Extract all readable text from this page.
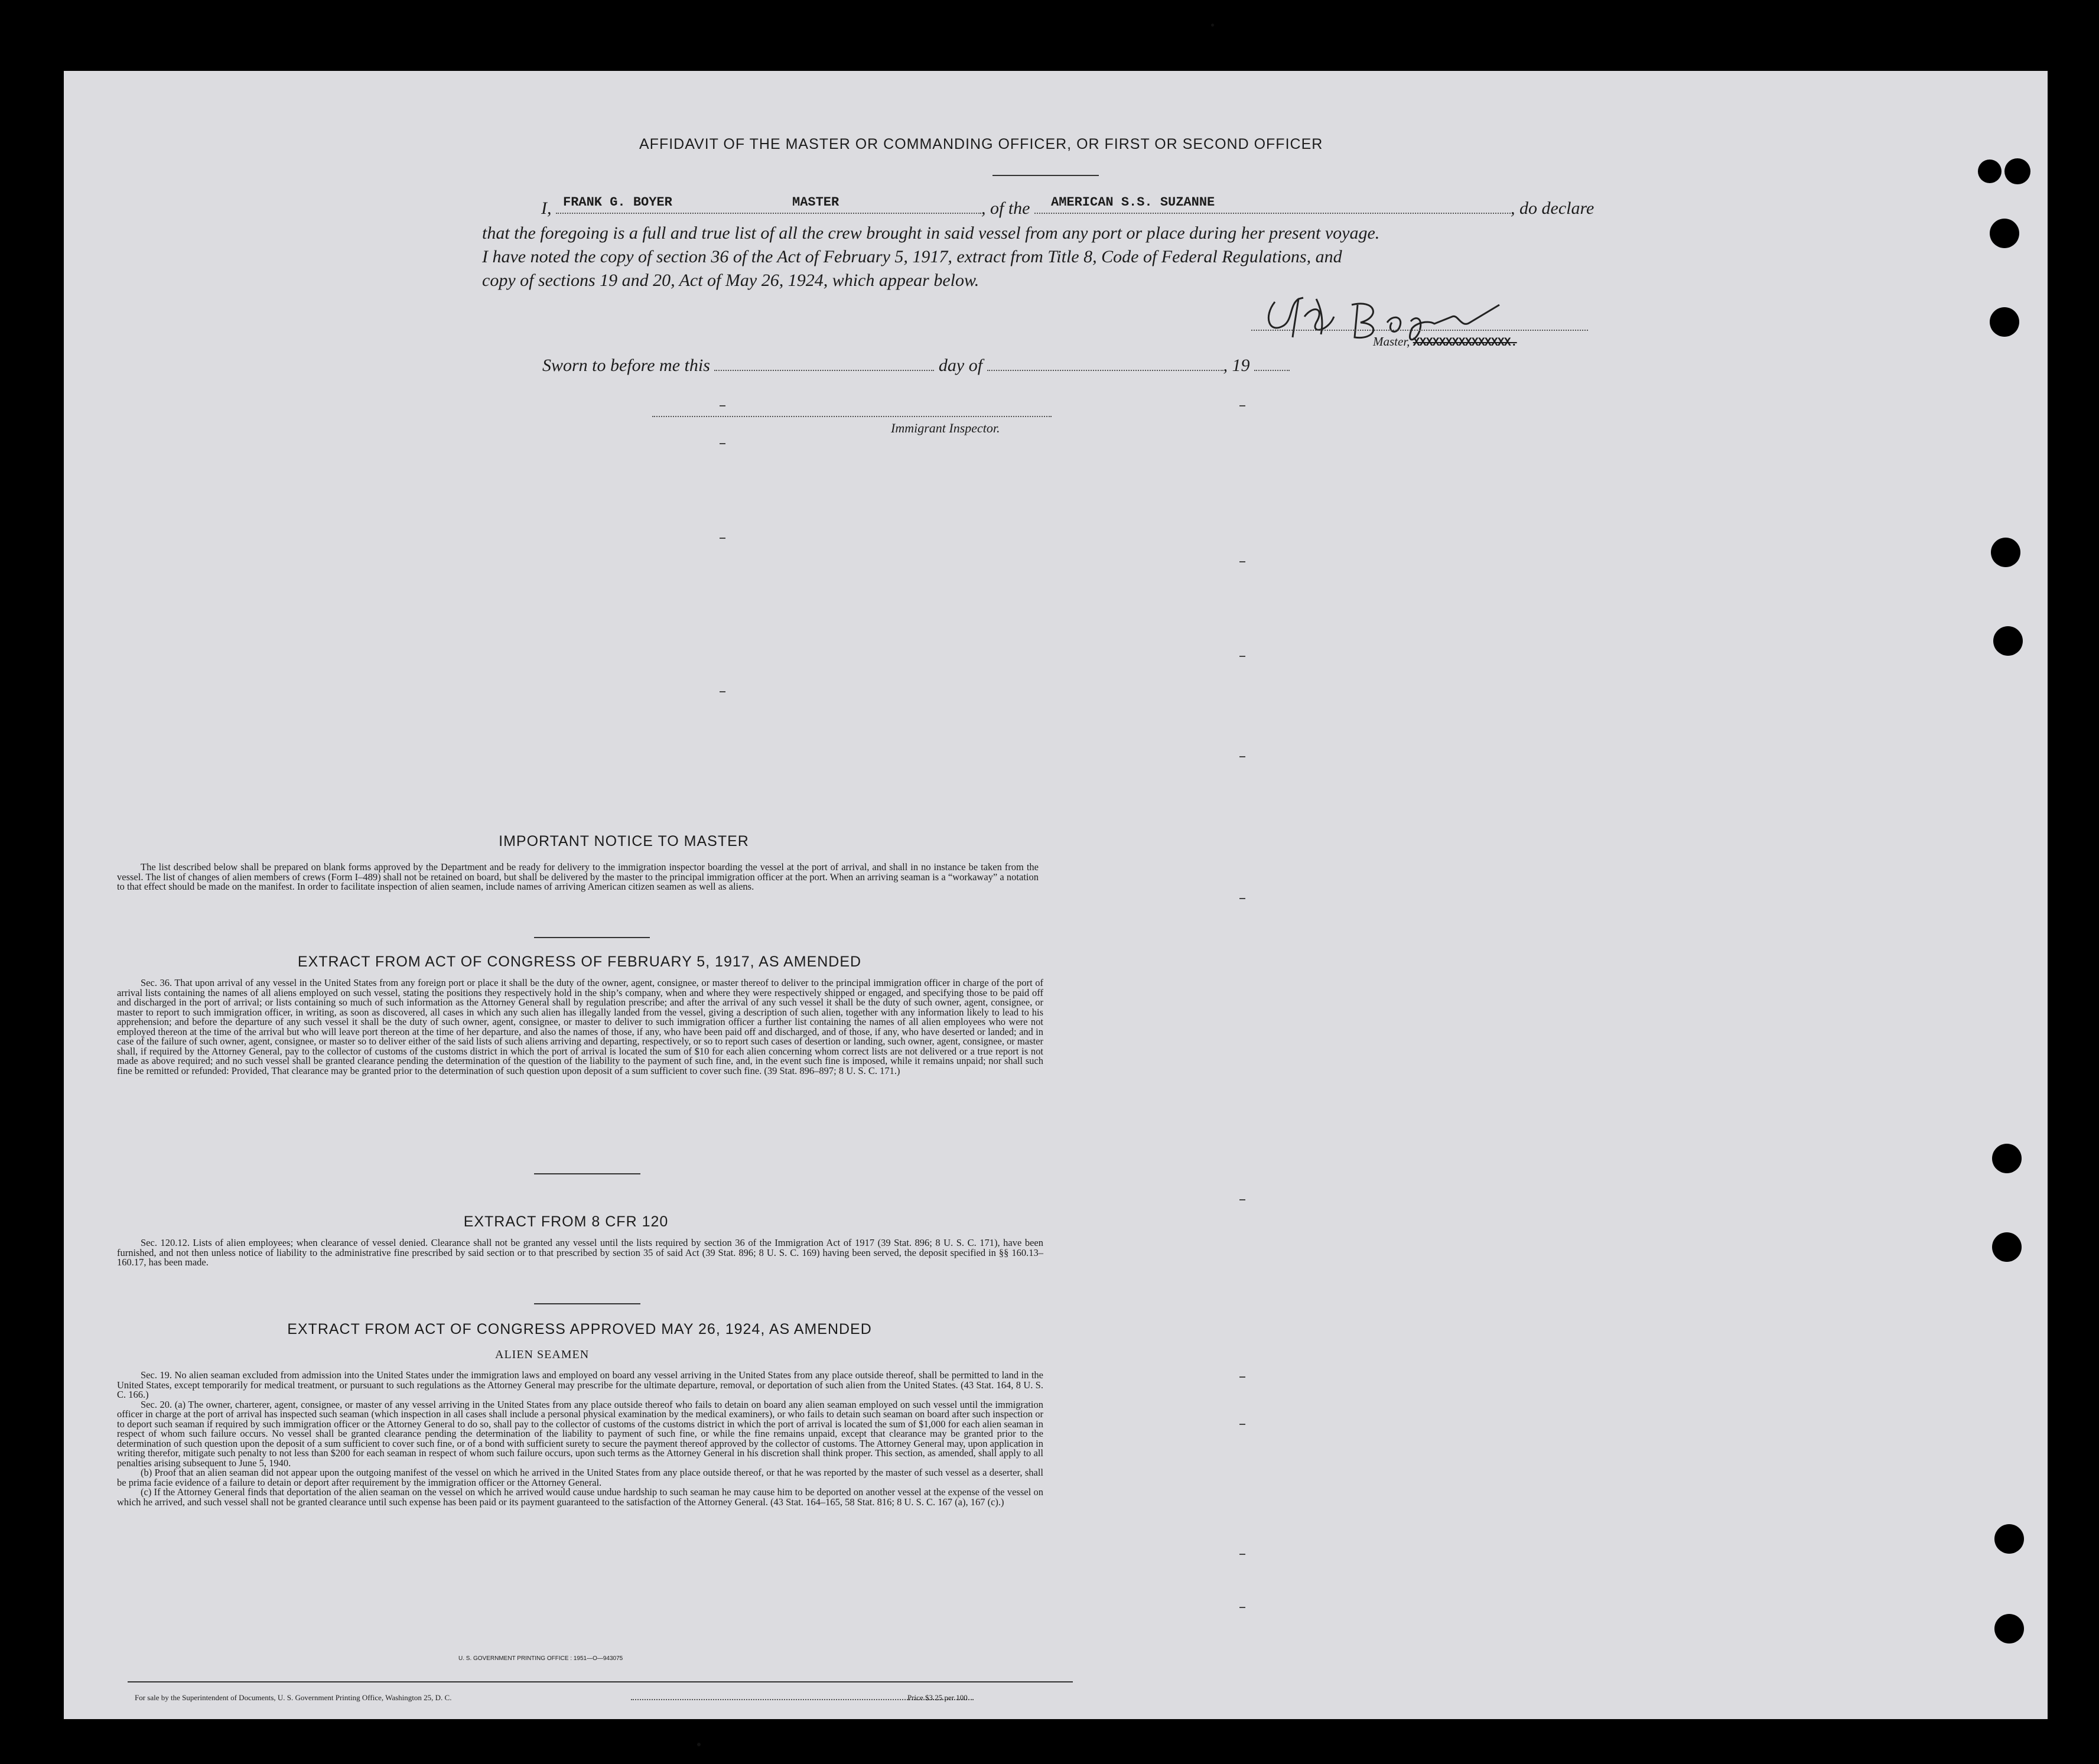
AFFIDAVIT OF THE MASTER OR COMMANDING OFFICER, OR FIRST OR SECOND OFFICER
I, FRANK G. BOYER	MASTER	, of the AMERICAN S.S. SUZANNE	, do declare
that the foregoing is a full and true list of all the crew brought in said vessel from any port or place during her present voyage.
I have noted the copy of section 36 of the Act of February 5, 1917, extract from Title 8, Code of Federal Regulations, and
copy of sections 19 and 20, Act of May 26, 1924, which appear below.
Master, XXXXXXXXXXXXXXX.
Sworn to before me this	day of	, 19
Immigrant Inspector.
IMPORTANT NOTICE TO MASTER

The list described below shall be prepared on blank forms approved by the Department and be ready for delivery to the immigration inspector boarding the vessel at the port of arrival, and shall in no instance be taken from the vessel. The list of changes of alien members of crews (Form I–489) shall not be retained on board, but shall be delivered by the master to the principal immigration officer at the port. When an arriving seaman is a “workaway” a notation to that effect should be made on the manifest. In order to facilitate inspection of alien seamen, include names of arriving American citizen seamen as well as aliens.

EXTRACT FROM ACT OF CONGRESS OF FEBRUARY 5, 1917, AS AMENDED

Sec. 36. That upon arrival of any vessel in the United States from any foreign port or place it shall be the duty of the owner, agent, consignee, or master thereof to deliver to the principal immigration officer in charge of the port of arrival lists containing the names of all aliens employed on such vessel, stating the positions they respectively hold in the ship’s company, when and where they were respectively shipped or engaged, and specifying those to be paid off and discharged in the port of arrival; or lists containing so much of such information as the Attorney General shall by regulation prescribe; and after the arrival of any such vessel it shall be the duty of such owner, agent, consignee, or master to report to such immigration officer, in writing, as soon as discovered, all cases in which any such alien has illegally landed from the vessel, giving a description of such alien, together with any information likely to lead to his apprehension; and before the departure of any such vessel it shall be the duty of such owner, agent, consignee, or master to deliver to such immigration officer a further list containing the names of all alien employees who were not employed thereon at the time of the arrival but who will leave port thereon at the time of her departure, and also the names of those, if any, who have been paid off and discharged, and of those, if any, who have deserted or landed; and in case of the failure of such owner, agent, consignee, or master so to deliver either of the said lists of such aliens arriving and departing, respectively, or so to report such cases of desertion or landing, such owner, agent, consignee, or master shall, if required by the Attorney General, pay to the collector of customs of the customs district in which the port of arrival is located the sum of $10 for each alien concerning whom correct lists are not delivered or a true report is not made as above required; and no such vessel shall be granted clearance pending the determination of the question of the liability to the payment of such fine, and, in the event such fine is imposed, while it remains unpaid; nor shall such fine be remitted or refunded: Provided, That clearance may be granted prior to the determination of such question upon deposit of a sum sufficient to cover such fine. (39 Stat. 896–897; 8 U. S. C. 171.)

EXTRACT FROM 8 CFR 120

Sec. 120.12. Lists of alien employees; when clearance of vessel denied. Clearance shall not be granted any vessel until the lists required by section 36 of the Immigration Act of 1917 (39 Stat. 896; 8 U. S. C. 171), have been furnished, and not then unless notice of liability to the administrative fine prescribed by said section or to that prescribed by section 35 of said Act (39 Stat. 896; 8 U. S. C. 169) having been served, the deposit specified in §§ 160.13–160.17, has been made.

EXTRACT FROM ACT OF CONGRESS APPROVED MAY 26, 1924, AS AMENDED
ALIEN SEAMEN

Sec. 19. No alien seaman excluded from admission into the United States under the immigration laws and employed on board any vessel arriving in the United States from any place outside thereof, shall be permitted to land in the United States, except temporarily for medical treatment, or pursuant to such regulations as the Attorney General may prescribe for the ultimate departure, removal, or deportation of such alien from the United States. (43 Stat. 164, 8 U. S. C. 166.)

Sec. 20. (a) The owner, charterer, agent, consignee, or master of any vessel arriving in the United States from any place outside thereof who fails to detain on board any alien seaman employed on such vessel until the immigration officer in charge at the port of arrival has inspected such seaman (which inspection in all cases shall include a personal physical examination by the medical examiners), or who fails to detain such seaman on board after such inspection or to deport such seaman if required by such immigration officer or the Attorney General to do so, shall pay to the collector of customs of the customs district in which the port of arrival is located the sum of $1,000 for each alien seaman in respect of whom such failure occurs. No vessel shall be granted clearance pending the determination of the liability to payment of such fine, or while the fine remains unpaid, except that clearance may be granted prior to the determination of such question upon the deposit of a sum sufficient to cover such fine, or of a bond with sufficient surety to secure the payment thereof approved by the collector of customs. The Attorney General may, upon application in writing therefor, mitigate such penalty to not less than $200 for each seaman in respect of whom such failure occurs, upon such terms as the Attorney General in his discretion shall think proper. This section, as amended, shall apply to all penalties arising subsequent to June 5, 1940.

(b) Proof that an alien seaman did not appear upon the outgoing manifest of the vessel on which he arrived in the United States from any place outside thereof, or that he was reported by the master of such vessel as a deserter, shall be prima facie evidence of a failure to detain or deport after requirement by the immigration officer or the Attorney General.

(c) If the Attorney General finds that deportation of the alien seaman on the vessel on which he arrived would cause undue hardship to such seaman he may cause him to be deported on another vessel at the expense of the vessel on which he arrived, and such vessel shall not be granted clearance until such expense has been paid or its payment guaranteed to the satisfaction of the Attorney General. (43 Stat. 164–165, 58 Stat. 816; 8 U. S. C. 167 (a), 167 (c).)

U. S. GOVERNMENT PRINTING OFFICE : 1951—O—943075
For sale by the Superintendent of Documents, U. S. Government Printing Office, Washington 25, D. C.	Price $3.25 per 100
